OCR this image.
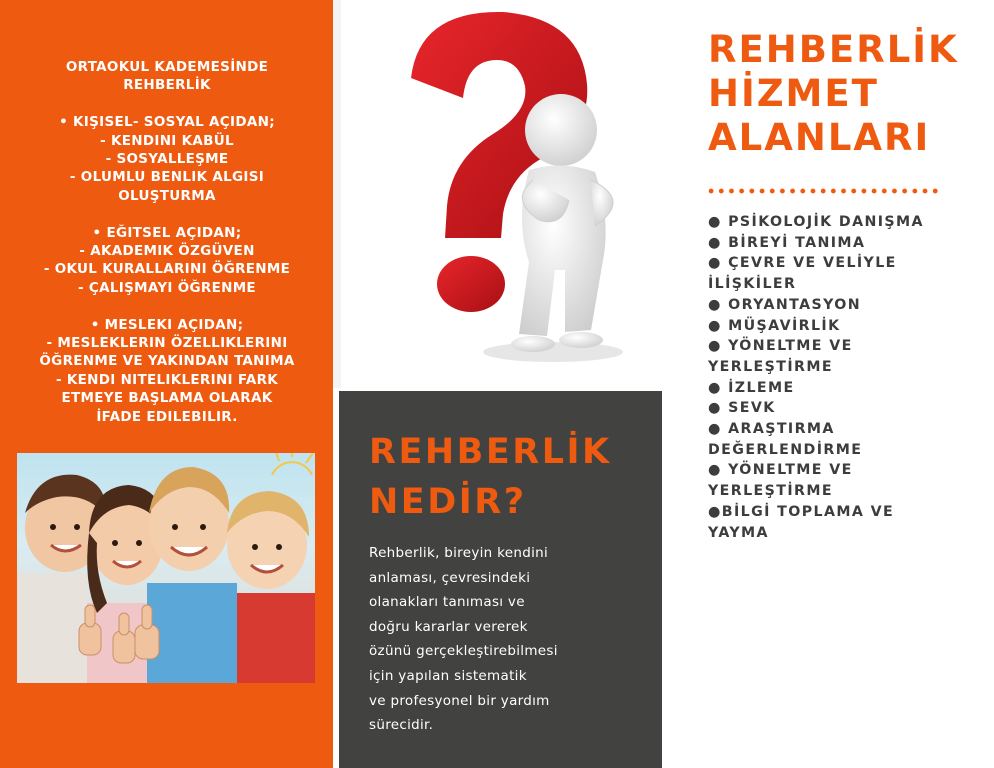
ORTAOKUL KADEMESİNDE
REHBERLİK
• KIŞISEL- SOSYAL AÇIDAN;
- KENDINI KABÜL
- SOSYALLEŞME
- OLUMLU BENLIK ALGISI
OLUŞTURMA
• EĞITSEL AÇIDAN;
- AKADEMIK ÖZGÜVEN
- OKUL KURALLARINI ÖĞRENME
- ÇALIŞMAYI ÖĞRENME
• MESLEKI AÇIDAN;
- MESLEKLERIN ÖZELLIKLERINI
ÖĞRENME VE YAKINDAN TANIMA
- KENDI NITELIKLERINI FARK
ETMEYE BAŞLAMA OLARAK
İFADE EDILEBILIR.
REHBERLİK
NEDİR?
Rehberlik, bireyin kendini
anlaması, çevresindeki
olanakları tanıması ve
doğru kararlar vererek
özünü gerçekleştirebilmesi
için yapılan sistematik
ve profesyonel bir yardım
sürecidir.
REHBERLİK
HİZMET
ALANLARI
● PSİKOLOJİK DANIŞMA
● BİREYİ TANIMA
● ÇEVRE VE VELİYLE
İLİŞKİLER
● ORYANTASYON
● MÜŞAVİRLİK
● YÖNELTME VE
YERLEŞTİRME
● İZLEME
● SEVK
● ARAŞTIRMA
DEĞERLENDİRME
● YÖNELTME VE
YERLEŞTİRME
●BİLGİ TOPLAMA VE
YAYMA
